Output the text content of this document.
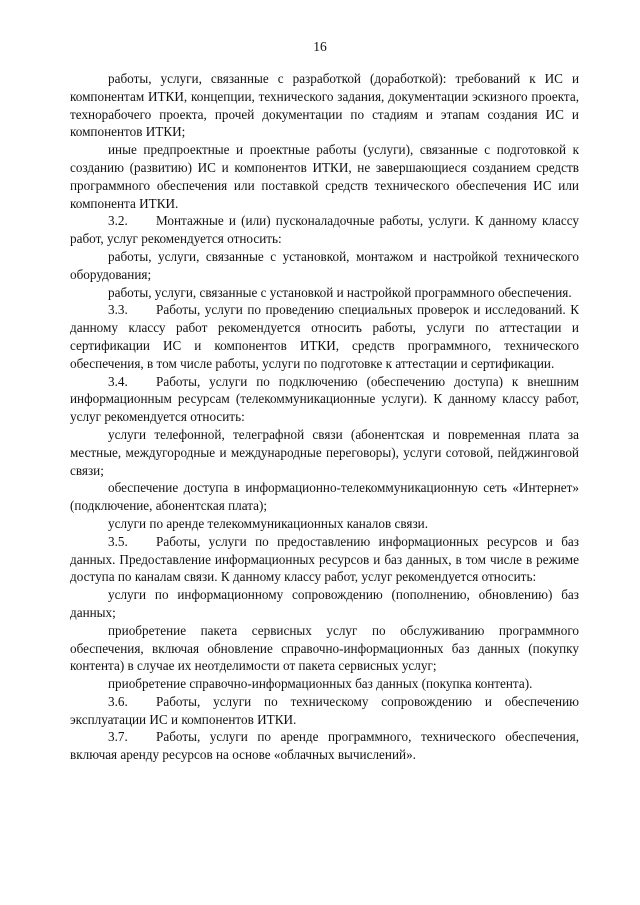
16

работы, услуги, связанные с разработкой (доработкой): требований к ИС и компонентам ИТКИ, концепции, технического задания, документации эскизного проекта, технорабочего проекта, прочей документации по стадиям и этапам создания ИС и компонентов ИТКИ;

иные предпроектные и проектные работы (услуги), связанные с подготовкой к созданию (развитию) ИС и компонентов ИТКИ, не завершающиеся созданием средств программного обеспечения или поставкой средств технического обеспечения ИС или компонента ИТКИ.

3.2. Монтажные и (или) пусконаладочные работы, услуги. К данному классу работ, услуг рекомендуется относить:

работы, услуги, связанные с установкой, монтажом и настройкой технического оборудования;

работы, услуги, связанные с установкой и настройкой программного обеспечения.

3.3. Работы, услуги по проведению специальных проверок и исследований. К данному классу работ рекомендуется относить работы, услуги по аттестации и сертификации ИС и компонентов ИТКИ, средств программного, технического обеспечения, в том числе работы, услуги по подготовке к аттестации и сертификации.

3.4. Работы, услуги по подключению (обеспечению доступа) к внешним информационным ресурсам (телекоммуникационные услуги). К данному классу работ, услуг рекомендуется относить:

услуги телефонной, телеграфной связи (абонентская и повременная плата за местные, междугородные и международные переговоры), услуги сотовой, пейджинговой связи;

обеспечение доступа в информационно-телекоммуникационную сеть «Интернет» (подключение, абонентская плата);

услуги по аренде телекоммуникационных каналов связи.

3.5. Работы, услуги по предоставлению информационных ресурсов и баз данных. Предоставление информационных ресурсов и баз данных, в том числе в режиме доступа по каналам связи. К данному классу работ, услуг рекомендуется относить:

услуги по информационному сопровождению (пополнению, обновлению) баз данных;

приобретение пакета сервисных услуг по обслуживанию программного обеспечения, включая обновление справочно-информационных баз данных (покупку контента) в случае их неотделимости от пакета сервисных услуг;

приобретение справочно-информационных баз данных (покупка контента).

3.6. Работы, услуги по техническому сопровождению и обеспечению эксплуатации ИС и компонентов ИТКИ.

3.7. Работы, услуги по аренде программного, технического обеспечения, включая аренду ресурсов на основе «облачных вычислений».
